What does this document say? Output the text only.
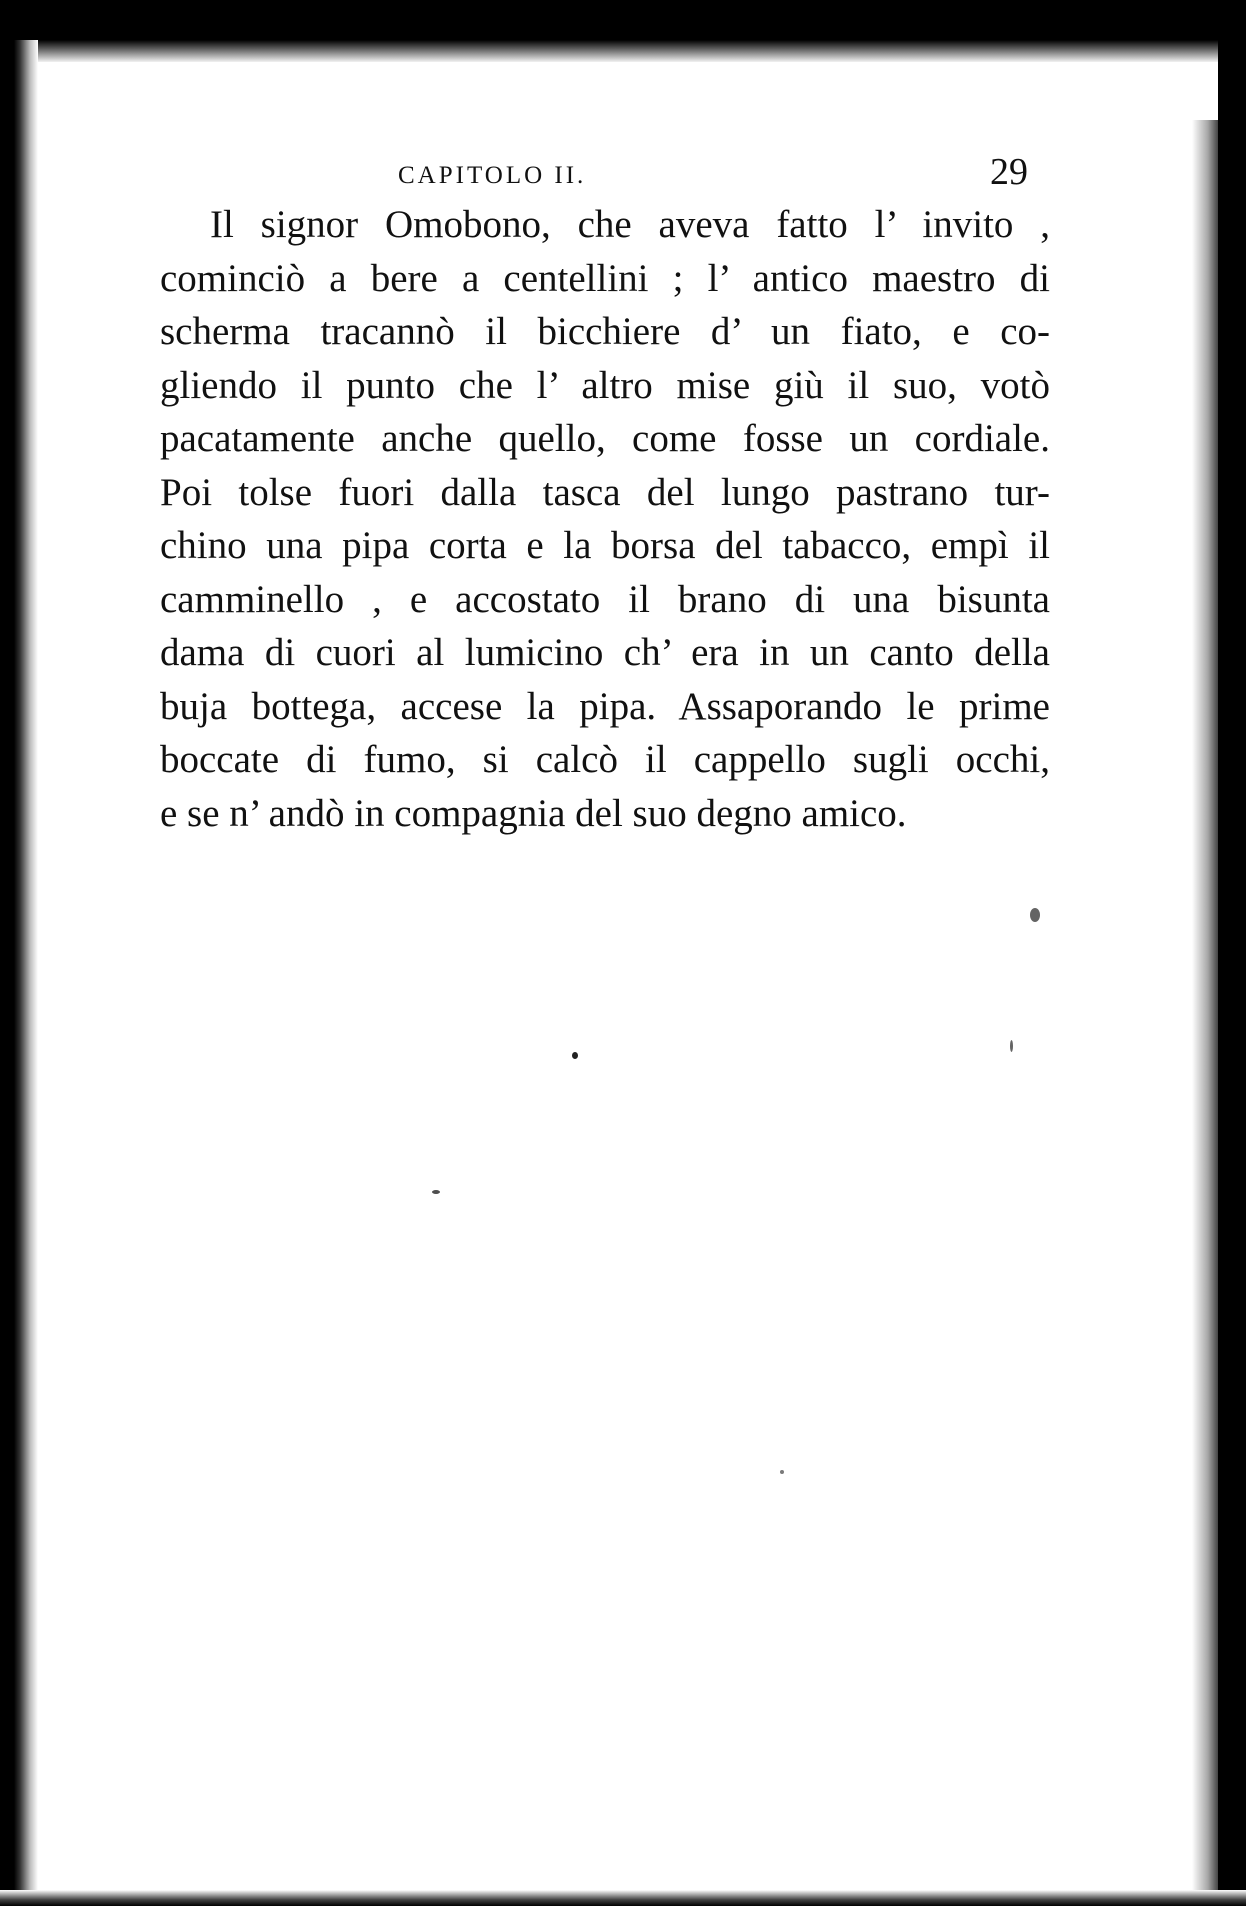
CAPITOLO II.	29
Il signor Omobono, che aveva fatto l’ invito ,
cominciò a bere a centellini ; l’ antico maestro di
scherma tracannò il bicchiere d’ un fiato, e co-
gliendo il punto che l’ altro mise giù il suo, votò
pacatamente anche quello, come fosse un cordiale.
Poi tolse fuori dalla tasca del lungo pastrano tur-
chino una pipa corta e la borsa del tabacco, empì il
camminello , e accostato il brano di una bisunta
dama di cuori al lumicino ch’ era in un canto della
buja bottega, accese la pipa. Assaporando le prime
boccate di fumo, si calcò il cappello sugli occhi,
e se n’ andò in compagnia del suo degno amico.
